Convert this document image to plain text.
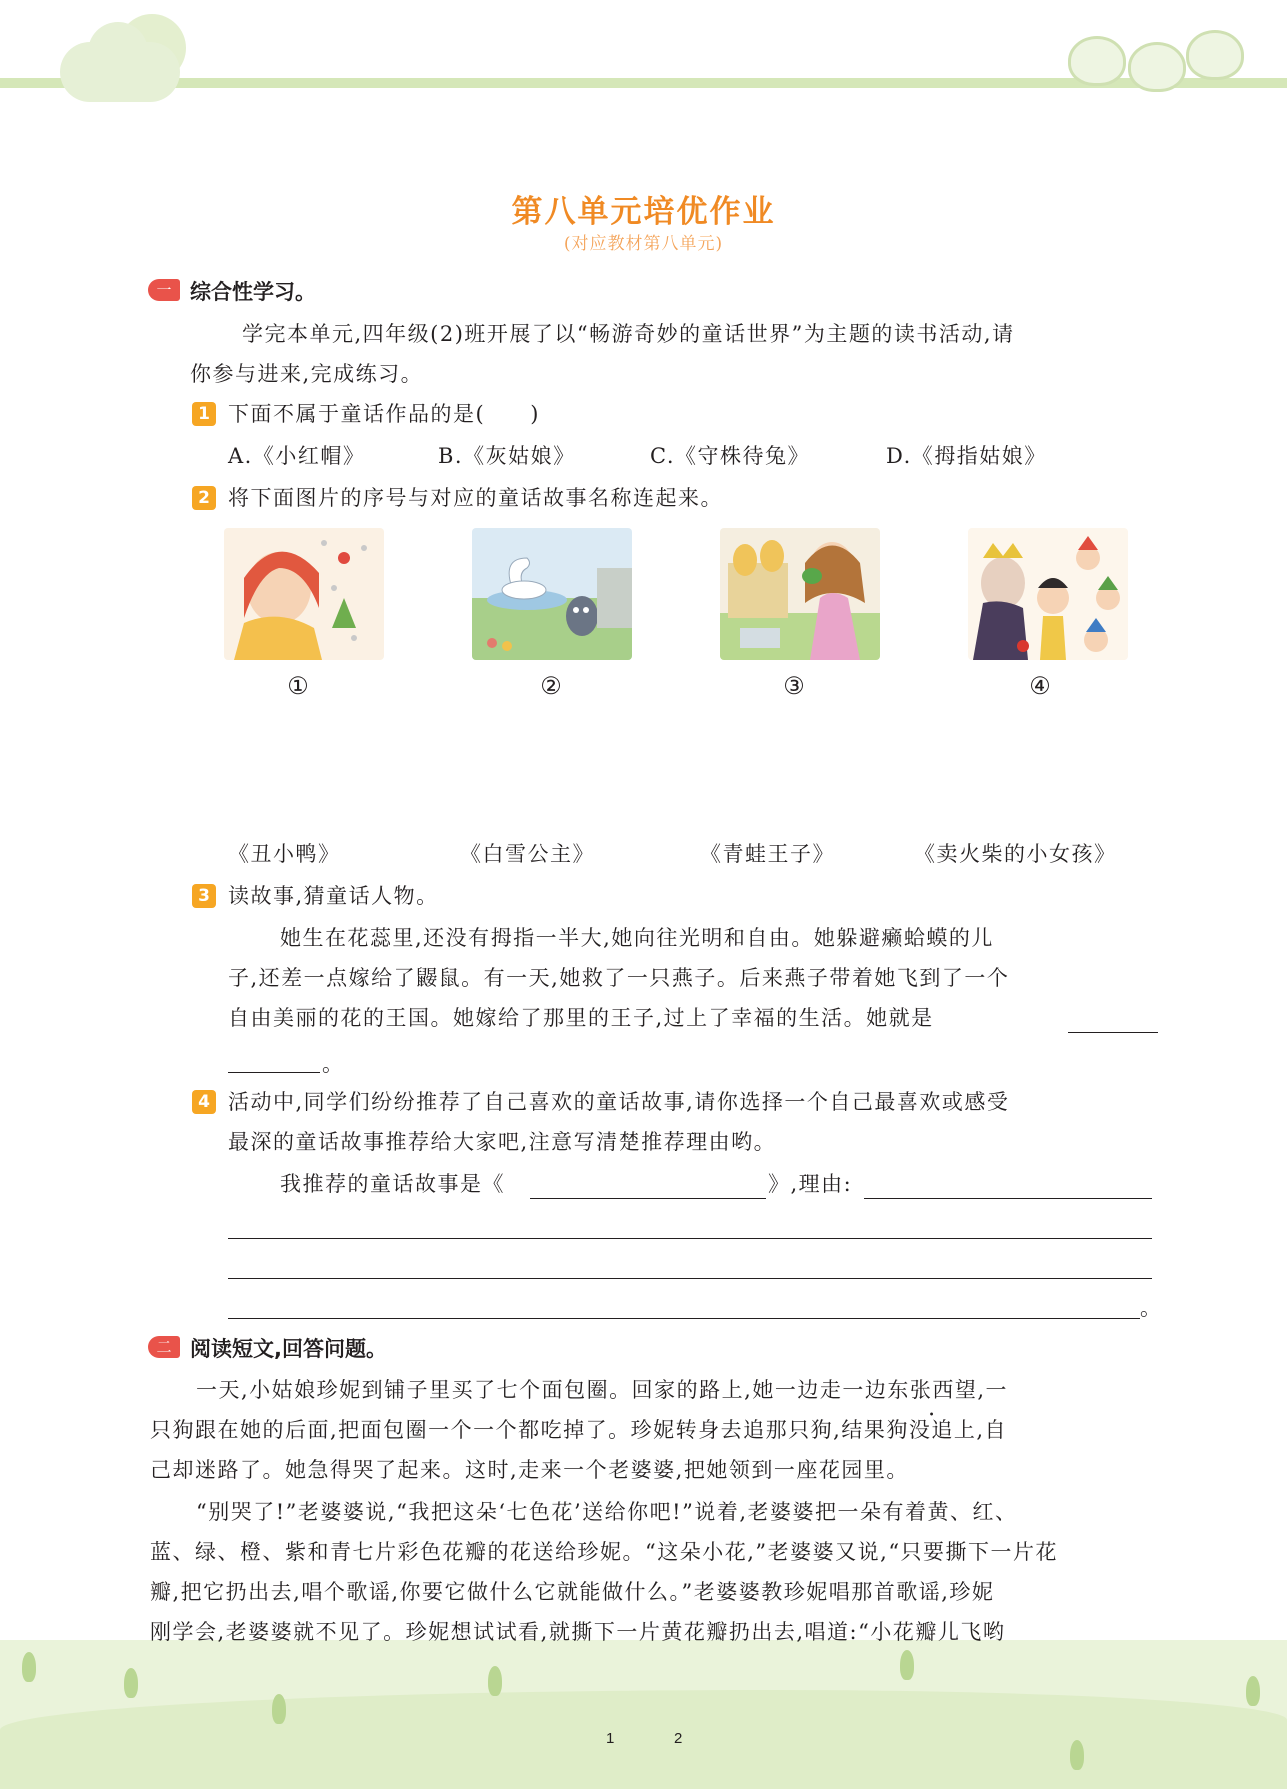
第八单元培优作业
(对应教材第八单元)
一 综合性学习。
学完本单元,四年级(2)班开展了以“畅游奇妙的童话世界”为主题的读书活动,请
你参与进来,完成练习。
1 下面不属于童话作品的是(　　)
A.《小红帽》	B.《灰姑娘》	C.《守株待兔》	D.《拇指姑娘》
2 将下面图片的序号与对应的童话故事名称连起来。
①	②	③	④
《丑小鸭》	《白雪公主》	《青蛙王子》	《卖火柴的小女孩》
3 读故事,猜童话人物。
她生在花蕊里,还没有拇指一半大,她向往光明和自由。她躲避癞蛤蟆的儿
子,还差一点嫁给了鼹鼠。有一天,她救了一只燕子。后来燕子带着她飞到了一个
自由美丽的花的王国。她嫁给了那里的王子,过上了幸福的生活。她就是
。
4 活动中,同学们纷纷推荐了自己喜欢的童话故事,请你选择一个自己最喜欢或感受
最深的童话故事推荐给大家吧,注意写清楚推荐理由哟。
我推荐的童话故事是《	》,理由:
。
二 阅读短文,回答问题。
一天,小姑娘珍妮到铺子里买了七个面包圈。回家的路上,她一边走一边东张西望,一
只狗跟在她的后面,把面包圈一个一个都吃掉了。珍妮转身去追那只狗,结果狗没追上,自
己却迷路了。她急得哭了起来。这时,走来一个老婆婆,把她领到一座花园里。
“别哭了!”老婆婆说,“我把这朵‘七色花’送给你吧!”说着,老婆婆把一朵有着黄、红、
蓝、绿、橙、紫和青七片彩色花瓣的花送给珍妮。“这朵小花,”老婆婆又说,“只要撕下一片花
瓣,把它扔出去,唱个歌谣,你要它做什么它就能做什么。”老婆婆教珍妮唱那首歌谣,珍妮
刚学会,老婆婆就不见了。珍妮想试试看,就撕下一片黄花瓣扔出去,唱道:“小花瓣儿飞哟
1	2
